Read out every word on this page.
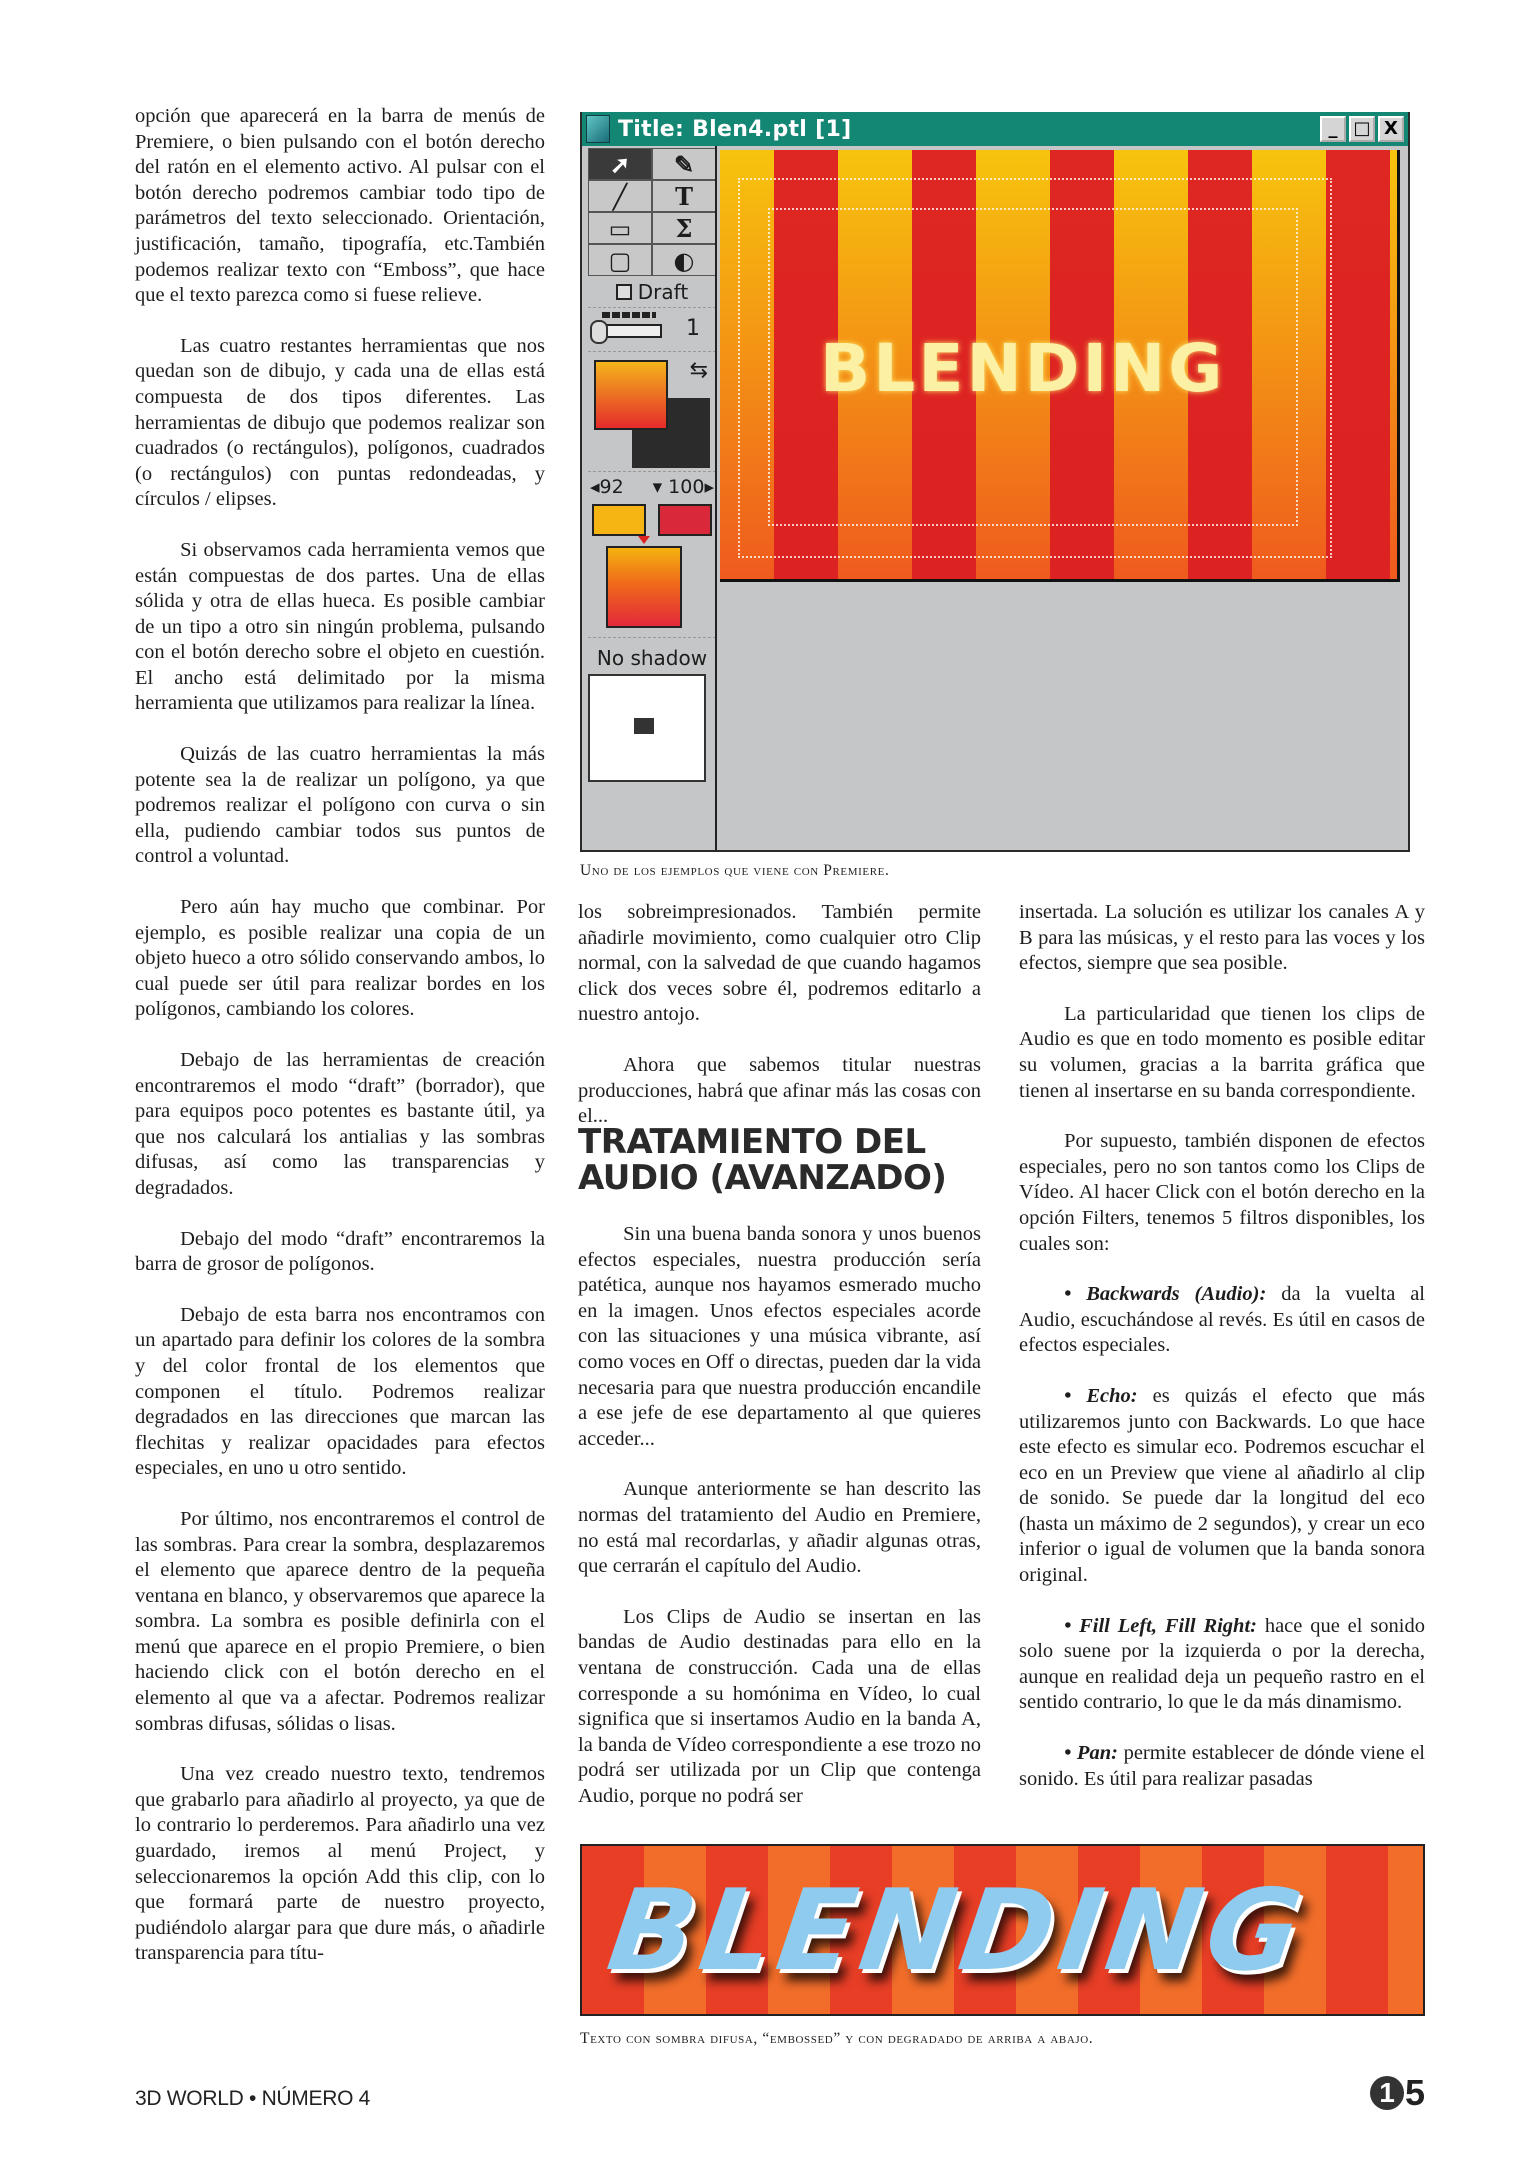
opción que aparecerá en la barra de menús de Premiere, o bien pulsando con el botón derecho del ratón en el elemento activo. Al pulsar con el botón derecho podremos cambiar todo tipo de parámetros del texto seleccionado. Orientación, justificación, tamaño, tipografía, etc.También podemos realizar texto con “Emboss”, que hace que el texto parezca como si fuese relieve.

Las cuatro restantes herramientas que nos quedan son de dibujo, y cada una de ellas está compuesta de dos tipos diferentes. Las herramientas de dibujo que podemos realizar son cuadrados (o rectángulos), polígonos, cuadrados (o rectángulos) con puntas redondeadas, y círculos / elipses.

Si observamos cada herramienta vemos que están compuestas de dos partes. Una de ellas sólida y otra de ellas hueca. Es posible cambiar de un tipo a otro sin ningún problema, pulsando con el botón derecho sobre el objeto en cuestión. El ancho está delimitado por la misma herramienta que utilizamos para realizar la línea.

Quizás de las cuatro herramientas la más potente sea la de realizar un polígono, ya que podremos realizar el polígono con curva o sin ella, pudiendo cambiar todos sus puntos de control a voluntad.

Pero aún hay mucho que combinar. Por ejemplo, es posible realizar una copia de un objeto hueco a otro sólido conservando ambos, lo cual puede ser útil para realizar bordes en los polígonos, cambiando los colores.

Debajo de las herramientas de creación encontraremos el modo “draft” (borrador), que para equipos poco potentes es bastante útil, ya que nos calculará los antialias y las sombras difusas, así como las transparencias y degradados.

Debajo del modo “draft” encontraremos la barra de grosor de polígonos.

Debajo de esta barra nos encontramos con un apartado para definir los colores de la sombra y del color frontal de los elementos que componen el título. Podremos realizar degradados en las direcciones que marcan las flechitas y realizar opacidades para efectos especiales, en uno u otro sentido.

Por último, nos encontraremos el control de las sombras. Para crear la sombra, desplazaremos el elemento que aparece dentro de la pequeña ventana en blanco, y observaremos que aparece la sombra. La sombra es posible definirla con el menú que aparece en el propio Premiere, o bien haciendo click con el botón derecho en el elemento al que va a afectar. Podremos realizar sombras difusas, sólidas o lisas.

Una vez creado nuestro texto, tendremos que grabarlo para añadirlo al proyecto, ya que de lo contrario lo perderemos. Para añadirlo una vez guardado, iremos al menú Project, y seleccionaremos la opción Add this clip, con lo que formará parte de nuestro proyecto, pudiéndolo alargar para que dure más, o añadirle transparencia para títu-

Title: Blen4.ptl [1]	_ □ X
➚	✎
╱	T
▭	Σ
▢	◐
Draft
1
⇆
◂92 ▾ 100▸
No shadow
BLENDING
Uno de los ejemplos que viene con Premiere.

los sobreimpresionados. También permite añadirle movimiento, como cualquier otro Clip normal, con la salvedad de que cuando hagamos click dos veces sobre él, podremos editarlo a nuestro antojo.

Ahora que sabemos titular nuestras producciones, habrá que afinar más las cosas con el...

TRATAMIENTO DEL
AUDIO (AVANZADO)

Sin una buena banda sonora y unos buenos efectos especiales, nuestra producción sería patética, aunque nos hayamos esmerado mucho en la imagen. Unos efectos especiales acorde con las situaciones y una música vibrante, así como voces en Off o directas, pueden dar la vida necesaria para que nuestra producción encandile a ese jefe de ese departamento al que quieres acceder...

Aunque anteriormente se han descrito las normas del tratamiento del Audio en Premiere, no está mal recordarlas, y añadir algunas otras, que cerrarán el capítulo del Audio.

Los Clips de Audio se insertan en las bandas de Audio destinadas para ello en la ventana de construcción. Cada una de ellas corresponde a su homónima en Vídeo, lo cual significa que si insertamos Audio en la banda A, la banda de Vídeo correspondiente a ese trozo no podrá ser utilizada por un Clip que contenga Audio, porque no podrá ser

insertada. La solución es utilizar los canales A y B para las músicas, y el resto para las voces y los efectos, siempre que sea posible.

La particularidad que tienen los clips de Audio es que en todo momento es posible editar su volumen, gracias a la barrita gráfica que tienen al insertarse en su banda correspondiente.

Por supuesto, también disponen de efectos especiales, pero no son tantos como los Clips de Vídeo. Al hacer Click con el botón derecho en la opción Filters, tenemos 5 filtros disponibles, los cuales son:

• Backwards (Audio): da la vuelta al Audio, escuchándose al revés. Es útil en casos de efectos especiales.

• Echo: es quizás el efecto que más utilizaremos junto con Backwards. Lo que hace este efecto es simular eco. Podremos escuchar el eco en un Preview que viene al añadirlo al clip de sonido. Se puede dar la longitud del eco (hasta un máximo de 2 segundos), y crear un eco inferior o igual de volumen que la banda sonora original.

• Fill Left, Fill Right: hace que el sonido solo suene por la izquierda o por la derecha, aunque en realidad deja un pequeño rastro en el sentido contrario, lo que le da más dinamismo.

• Pan: permite establecer de dónde viene el sonido. Es útil para realizar pasadas

BLENDING
Texto con sombra difusa, “embossed” y con degradado de arriba a abajo.
3D WORLD • NÚMERO 4	1 5
